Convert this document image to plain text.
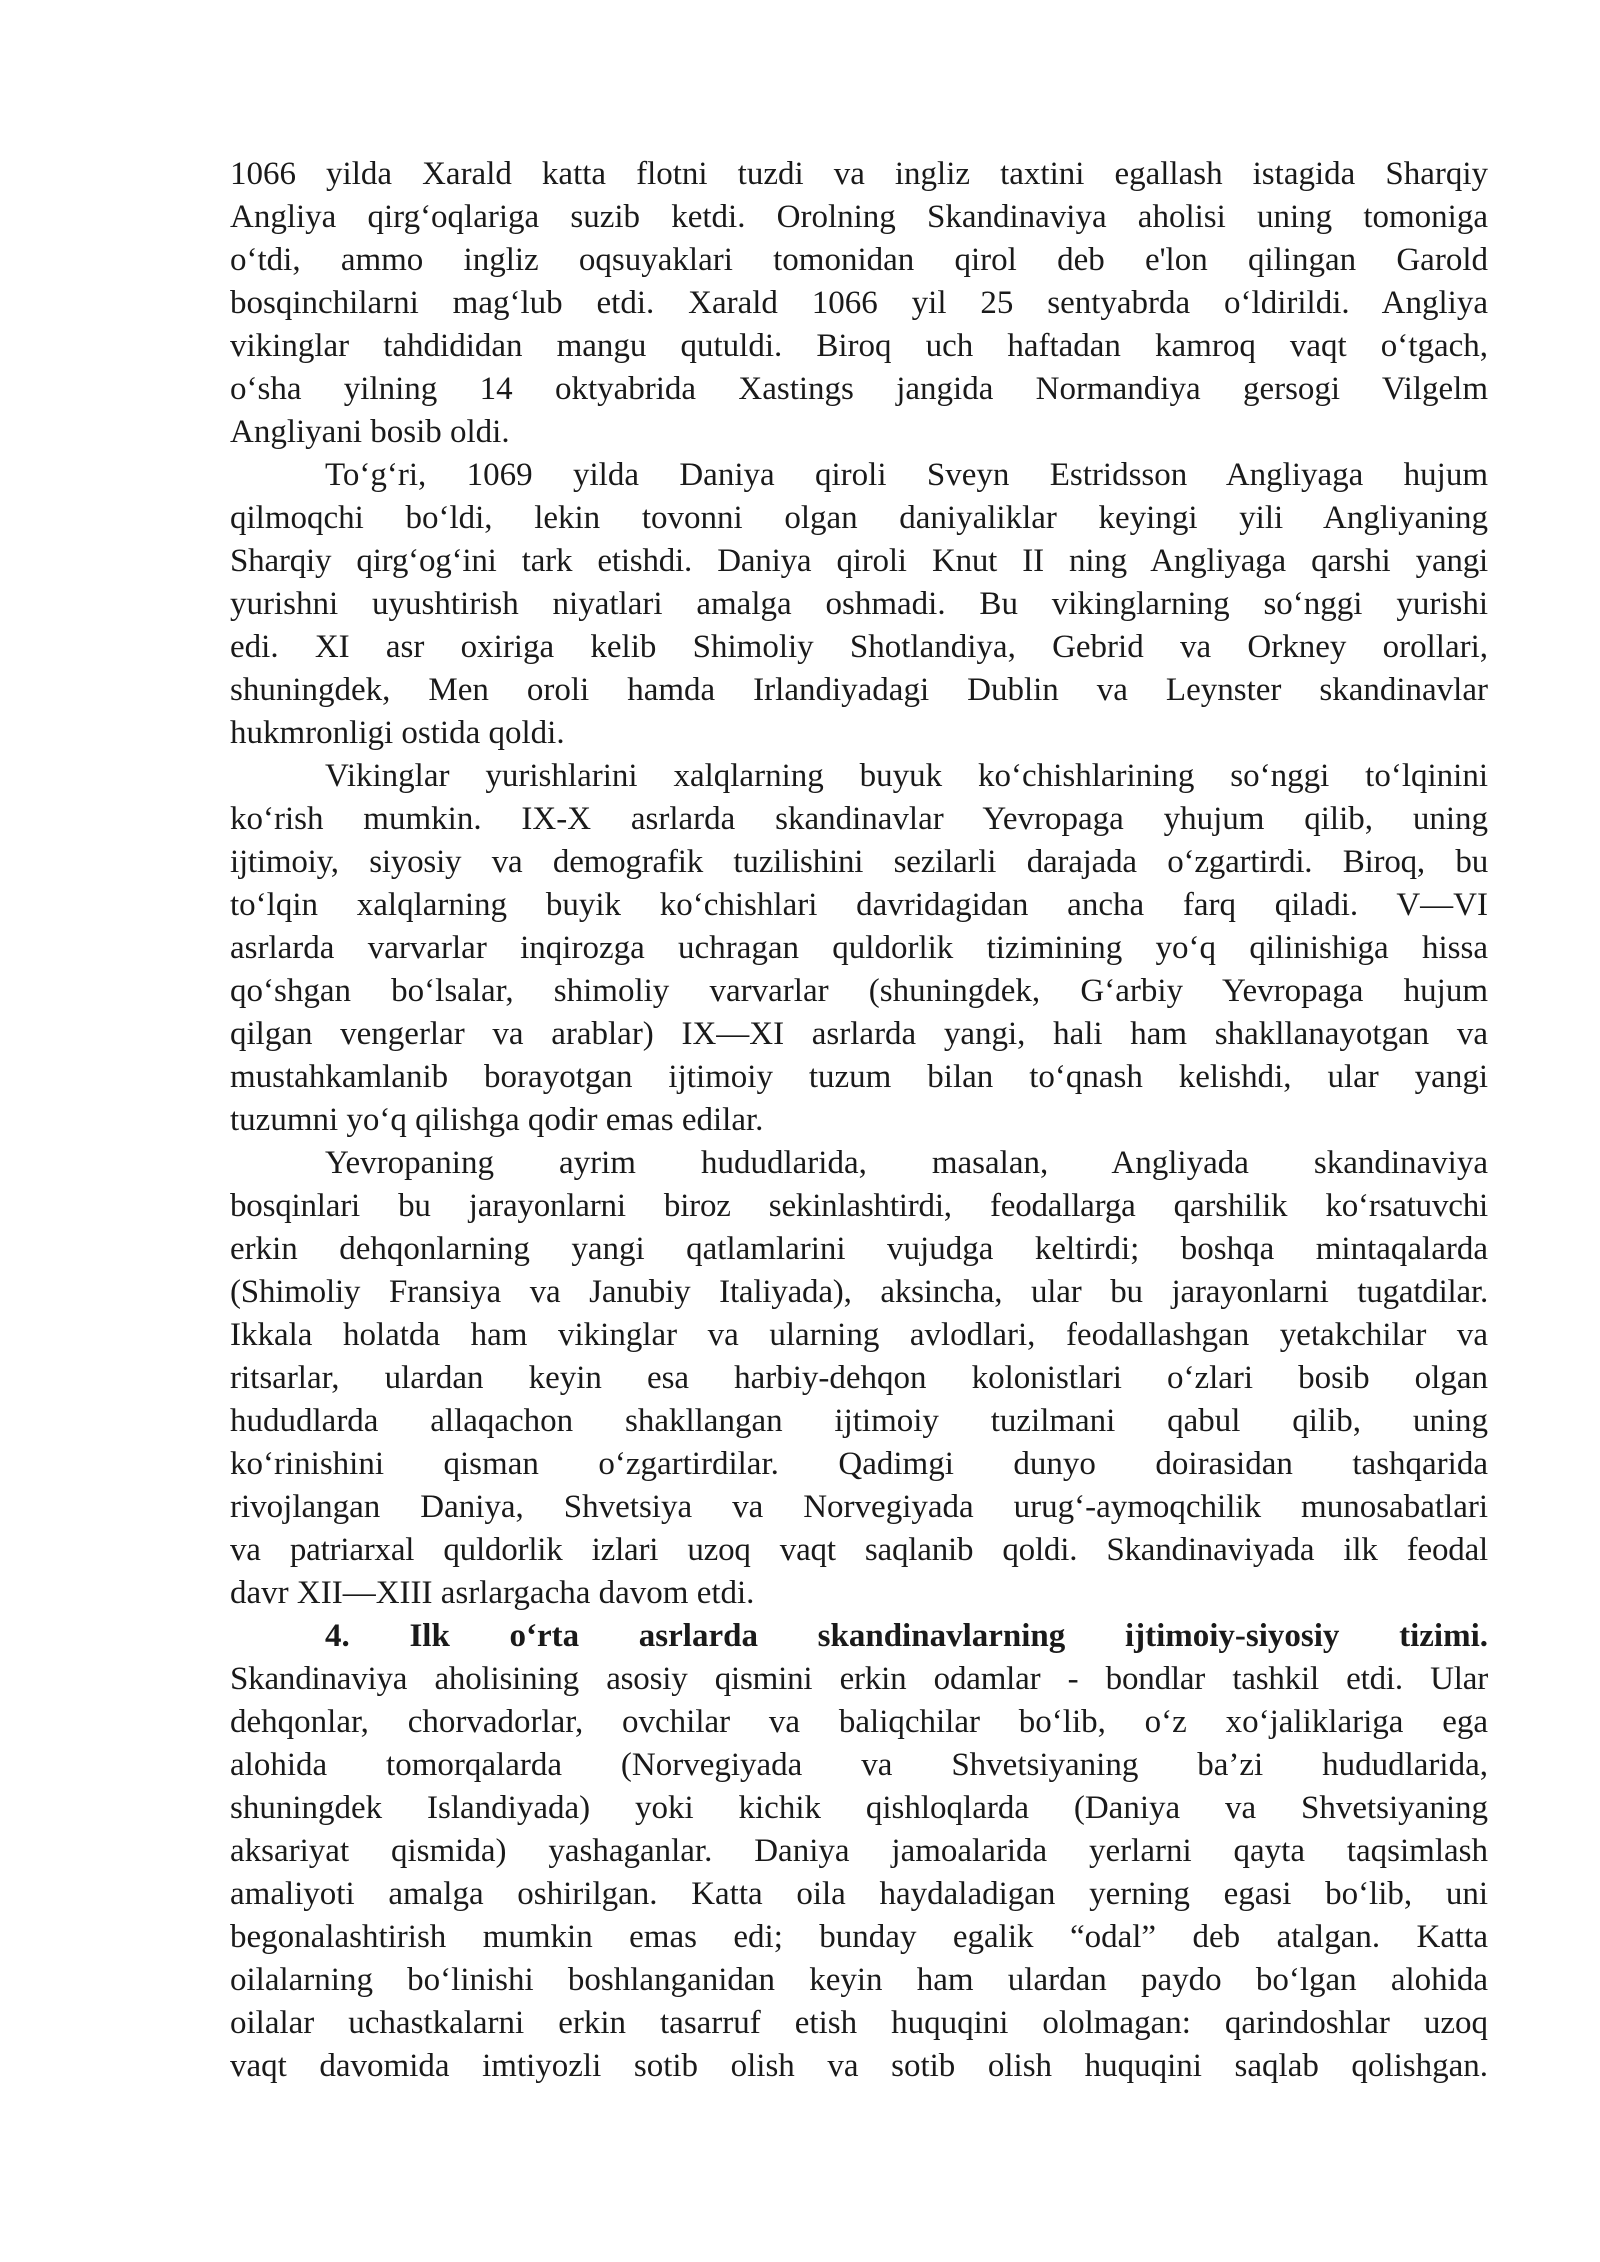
1066 yilda Xarald katta flotni tuzdi va ingliz taxtini egallash istagida Sharqiy

Angliya qirg‘oqlariga suzib ketdi. Orolning Skandinaviya aholisi uning tomoniga

o‘tdi, ammo ingliz oqsuyaklari tomonidan qirol deb e'lon qilingan Garold

bosqinchilarni mag‘lub etdi. Xarald 1066 yil 25 sentyabrda o‘ldirildi. Angliya

vikinglar tahdididan mangu qutuldi. Biroq uch haftadan kamroq vaqt o‘tgach,

o‘sha yilning 14 oktyabrida Xastings jangida Normandiya gersogi Vilgelm

Angliyani bosib oldi.

To‘g‘ri, 1069 yilda Daniya qiroli Sveyn Estridsson Angliyaga hujum

qilmoqchi bo‘ldi, lekin tovonni olgan daniyaliklar keyingi yili Angliyaning

Sharqiy qirg‘og‘ini tark etishdi. Daniya qiroli Knut II ning Angliyaga qarshi yangi

yurishni uyushtirish niyatlari amalga oshmadi. Bu vikinglarning so‘nggi yurishi

edi. XI asr oxiriga kelib Shimoliy Shotlandiya, Gebrid va Orkney orollari,

shuningdek, Men oroli hamda Irlandiyadagi Dublin va Leynster skandinavlar

hukmronligi ostida qoldi.

Vikinglar yurishlarini xalqlarning buyuk ko‘chishlarining so‘nggi to‘lqinini

ko‘rish mumkin. IX-X asrlarda skandinavlar Yevropaga yhujum qilib, uning

ijtimoiy, siyosiy va demografik tuzilishini sezilarli darajada o‘zgartirdi. Biroq, bu

to‘lqin xalqlarning buyik ko‘chishlari davridagidan ancha farq qiladi. V—VI

asrlarda varvarlar inqirozga uchragan quldorlik tizimining yo‘q qilinishiga hissa

qo‘shgan bo‘lsalar, shimoliy varvarlar (shuningdek, G‘arbiy Yevropaga hujum

qilgan vengerlar va arablar) IX—XI asrlarda yangi, hali ham shakllanayotgan va

mustahkamlanib borayotgan ijtimoiy tuzum bilan to‘qnash kelishdi, ular yangi

tuzumni yo‘q qilishga qodir emas edilar.

Yevropaning ayrim hududlarida, masalan, Angliyada skandinaviya

bosqinlari bu jarayonlarni biroz sekinlashtirdi, feodallarga qarshilik ko‘rsatuvchi

erkin dehqonlarning yangi qatlamlarini vujudga keltirdi; boshqa mintaqalarda

(Shimoliy Fransiya va Janubiy Italiyada), aksincha, ular bu jarayonlarni tugatdilar.

Ikkala holatda ham vikinglar va ularning avlodlari, feodallashgan yetakchilar va

ritsarlar, ulardan keyin esa harbiy-dehqon kolonistlari o‘zlari bosib olgan

hududlarda allaqachon shakllangan ijtimoiy tuzilmani qabul qilib, uning

ko‘rinishini qisman o‘zgartirdilar. Qadimgi dunyo doirasidan tashqarida

rivojlangan Daniya, Shvetsiya va Norvegiyada urug‘-aymoqchilik munosabatlari

va patriarxal quldorlik izlari uzoq vaqt saqlanib qoldi. Skandinaviyada ilk feodal

davr XII—XIII asrlargacha davom etdi.

4. Ilk o‘rta asrlarda skandinavlarning ijtimoiy-siyosiy tizimi.

Skandinaviya aholisining asosiy qismini erkin odamlar - bondlar tashkil etdi. Ular

dehqonlar, chorvadorlar, ovchilar va baliqchilar bo‘lib, o‘z xo‘jaliklariga ega

alohida tomorqalarda (Norvegiyada va Shvetsiyaning ba’zi hududlarida,

shuningdek Islandiyada) yoki kichik qishloqlarda (Daniya va Shvetsiyaning

aksariyat qismida) yashaganlar. Daniya jamoalarida yerlarni qayta taqsimlash

amaliyoti amalga oshirilgan. Katta oila haydaladigan yerning egasi bo‘lib, uni

begonalashtirish mumkin emas edi; bunday egalik “odal” deb atalgan. Katta

oilalarning bo‘linishi boshlanganidan keyin ham ulardan paydo bo‘lgan alohida

oilalar uchastkalarni erkin tasarruf etish huquqini ololmagan: qarindoshlar uzoq

vaqt davomida imtiyozli sotib olish va sotib olish huquqini saqlab qolishgan.
